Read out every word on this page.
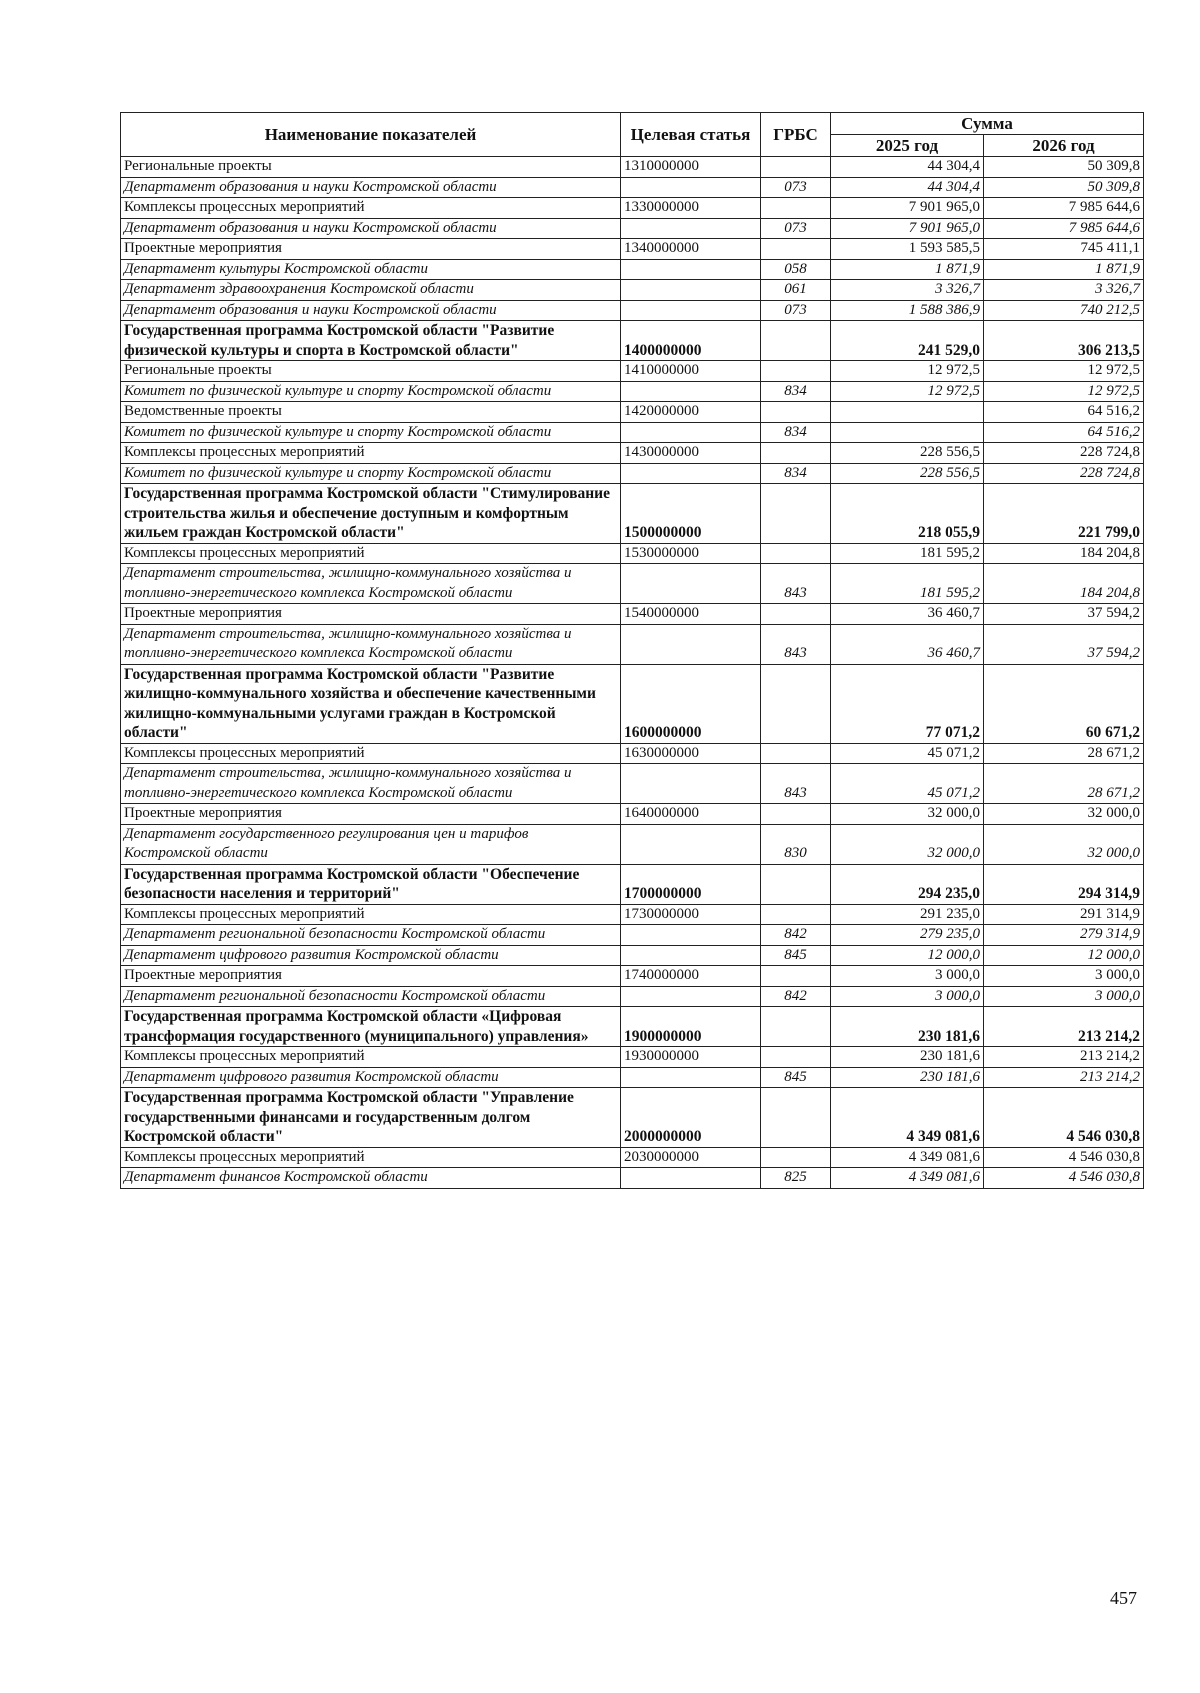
Наименование показателей	Целевая статья	ГРБС	Сумма	
			2025 год	2026 год
Региональные проекты	1310000000		44 304,4	50 309,8
Департамент образования и науки Костромской области		073	44 304,4	50 309,8
Комплексы процессных мероприятий	1330000000		7 901 965,0	7 985 644,6
Департамент образования и науки Костромской области		073	7 901 965,0	7 985 644,6
Проектные мероприятия	1340000000		1 593 585,5	745 411,1
Департамент культуры Костромской области		058	1 871,9	1 871,9
Департамент здравоохранения Костромской области		061	3 326,7	3 326,7
Департамент образования и науки Костромской области		073	1 588 386,9	740 212,5
Государственная программа Костромской области "Развитие физической культуры и спорта в Костромской области"	1400000000		241 529,0	306 213,5
Региональные проекты	1410000000		12 972,5	12 972,5
Комитет по физической культуре и спорту Костромской области		834	12 972,5	12 972,5
Ведомственные проекты	1420000000			64 516,2
Комитет по физической культуре и спорту Костромской области		834		64 516,2
Комплексы процессных мероприятий	1430000000		228 556,5	228 724,8
Комитет по физической культуре и спорту Костромской области		834	228 556,5	228 724,8
Государственная программа Костромской области "Стимулирование строительства жилья и обеспечение доступным и комфортным жильем граждан Костромской области"	1500000000		218 055,9	221 799,0
Комплексы процессных мероприятий	1530000000		181 595,2	184 204,8
Департамент строительства, жилищно-коммунального хозяйства и топливно-энергетического комплекса Костромской области		843	181 595,2	184 204,8
Проектные мероприятия	1540000000		36 460,7	37 594,2
Департамент строительства, жилищно-коммунального хозяйства и топливно-энергетического комплекса Костромской области		843	36 460,7	37 594,2
Государственная программа Костромской области "Развитие жилищно-коммунального хозяйства и обеспечение качественными жилищно-коммунальными услугами граждан в Костромской области"	1600000000		77 071,2	60 671,2
Комплексы процессных мероприятий	1630000000		45 071,2	28 671,2
Департамент строительства, жилищно-коммунального хозяйства и топливно-энергетического комплекса Костромской области		843	45 071,2	28 671,2
Проектные мероприятия	1640000000		32 000,0	32 000,0
Департамент государственного регулирования цен и тарифов Костромской области		830	32 000,0	32 000,0
Государственная программа Костромской области "Обеспечение безопасности населения и территорий"	1700000000		294 235,0	294 314,9
Комплексы процессных мероприятий	1730000000		291 235,0	291 314,9
Департамент региональной безопасности Костромской области		842	279 235,0	279 314,9
Департамент цифрового развития Костромской области		845	12 000,0	12 000,0
Проектные мероприятия	1740000000		3 000,0	3 000,0
Департамент региональной безопасности Костромской области		842	3 000,0	3 000,0
Государственная программа Костромской области «Цифровая трансформация государственного (муниципального) управления»	1900000000		230 181,6	213 214,2
Комплексы процессных мероприятий	1930000000		230 181,6	213 214,2
Департамент цифрового развития Костромской области		845	230 181,6	213 214,2
Государственная программа Костромской области "Управление государственными финансами и государственным долгом Костромской области"	2000000000		4 349 081,6	4 546 030,8
Комплексы процессных мероприятий	2030000000		4 349 081,6	4 546 030,8
Департамент финансов Костромской области		825	4 349 081,6	4 546 030,8
457
